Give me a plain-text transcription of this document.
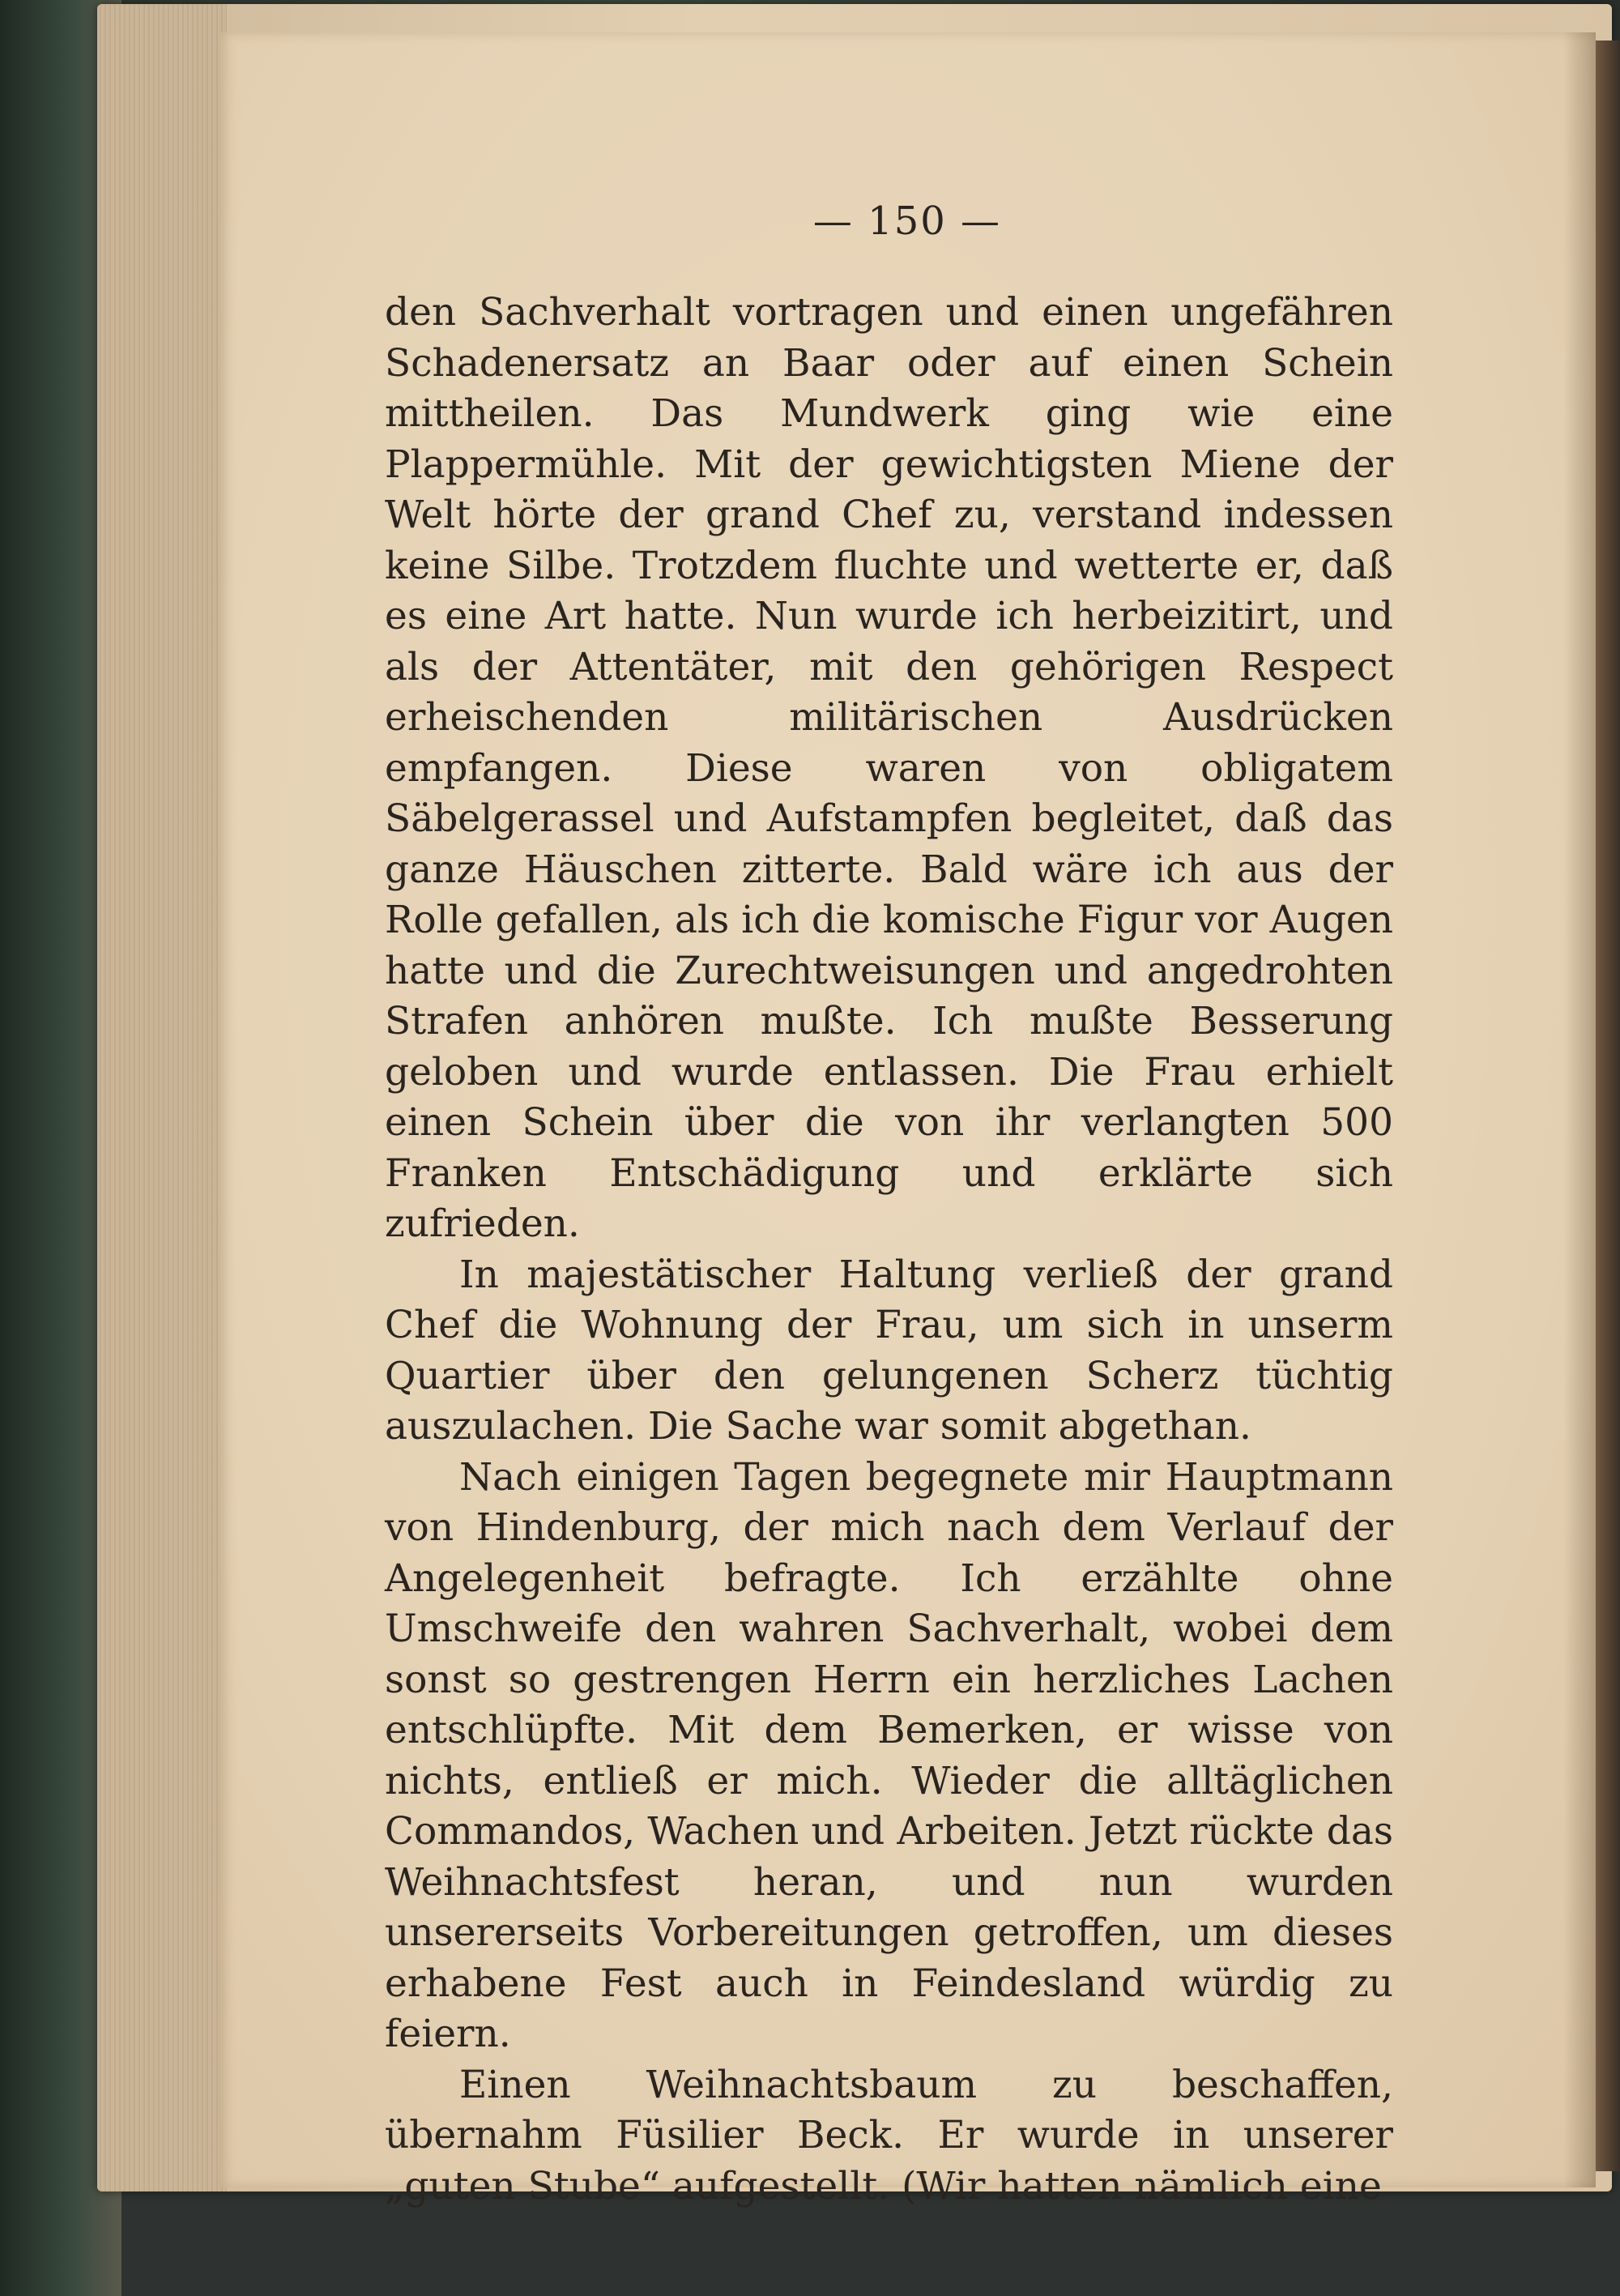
— 150 —

den Sachverhalt vortragen und einen ungefähren Schadenersatz an Baar oder auf einen Schein mittheilen. Das Mundwerk ging wie eine Plappermühle. Mit der gewichtigsten Miene der Welt hörte der grand Chef zu, verstand indessen keine Silbe. Trotzdem fluchte und wetterte er, daß es eine Art hatte. Nun wurde ich herbeizitirt, und als der Attentäter, mit den gehörigen Respect erheischenden militärischen Ausdrücken empfangen. Diese waren von obligatem Säbelgerassel und Aufstampfen begleitet, daß das ganze Häuschen zitterte. Bald wäre ich aus der Rolle gefallen, als ich die komische Figur vor Augen hatte und die Zurechtweisungen und angedrohten Strafen anhören mußte. Ich mußte Besserung geloben und wurde entlassen. Die Frau erhielt einen Schein über die von ihr verlangten 500 Franken Entschädigung und erklärte sich zufrieden.

In majestätischer Haltung verließ der grand Chef die Wohnung der Frau, um sich in unserm Quartier über den gelungenen Scherz tüchtig auszulachen. Die Sache war somit abgethan.

Nach einigen Tagen begegnete mir Hauptmann von Hindenburg, der mich nach dem Verlauf der Angelegenheit befragte. Ich erzählte ohne Umschweife den wahren Sachverhalt, wobei dem sonst so gestrengen Herrn ein herzliches Lachen entschlüpfte. Mit dem Bemerken, er wisse von nichts, entließ er mich. Wieder die alltäglichen Commandos, Wachen und Arbeiten. Jetzt rückte das Weihnachtsfest heran, und nun wurden unsererseits Vorbereitungen getroffen, um dieses erhabene Fest auch in Feindesland würdig zu feiern.

Einen Weihnachtsbaum zu beschaffen, übernahm Füsilier Beck. Er wurde in unserer „guten Stube“ aufgestellt. (Wir hatten nämlich eine
